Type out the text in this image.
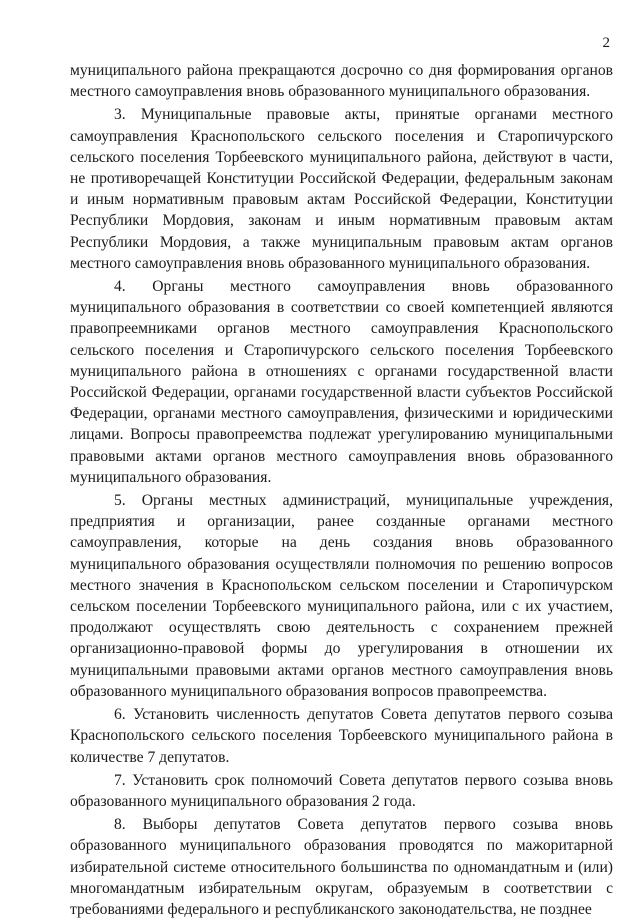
2

муниципального района прекращаются досрочно со дня формирования органов местного самоуправления вновь образованного муниципального образования.

3. Муниципальные правовые акты, принятые органами местного самоуправления Краснопольского сельского поселения и Старопичурского сельского поселения Торбеевского муниципального района, действуют в части, не противоречащей Конституции Российской Федерации, федеральным законам и иным нормативным правовым актам Российской Федерации, Конституции Республики Мордовия, законам и иным нормативным правовым актам Республики Мордовия, а также муниципальным правовым актам органов местного самоуправления вновь образованного муниципального образования.

4. Органы местного самоуправления вновь образованного муниципального образования в соответствии со своей компетенцией являются правопреемниками органов местного самоуправления Краснопольского сельского поселения и Старопичурского сельского поселения Торбеевского муниципального района в отношениях с органами государственной власти Российской Федерации, органами государственной власти субъектов Российской Федерации, органами местного самоуправления, физическими и юридическими лицами. Вопросы правопреемства подлежат урегулированию муниципальными правовыми актами органов местного самоуправления вновь образованного муниципального образования.

5. Органы местных администраций, муниципальные учреждения, предприятия и организации, ранее созданные органами местного самоуправления, которые на день создания вновь образованного муниципального образования осуществляли полномочия по решению вопросов местного значения в Краснопольском сельском поселении и Старопичурском сельском поселении Торбеевского муниципального района, или с их участием, продолжают осуществлять свою деятельность с сохранением прежней организационно-правовой формы до урегулирования в отношении их муниципальными правовыми актами органов местного самоуправления вновь образованного муниципального образования вопросов правопреемства.

6. Установить численность депутатов Совета депутатов первого созыва Краснопольского сельского поселения Торбеевского муниципального района в количестве 7 депутатов.

7. Установить срок полномочий Совета депутатов первого созыва вновь образованного муниципального образования 2 года.

8. Выборы депутатов Совета депутатов первого созыва вновь образованного муниципального образования проводятся по мажоритарной избирательной системе относительного большинства по одномандатным и (или) многомандатным избирательным округам, образуемым в соответствии с требованиями федерального и республиканского законодательства, не позднее
